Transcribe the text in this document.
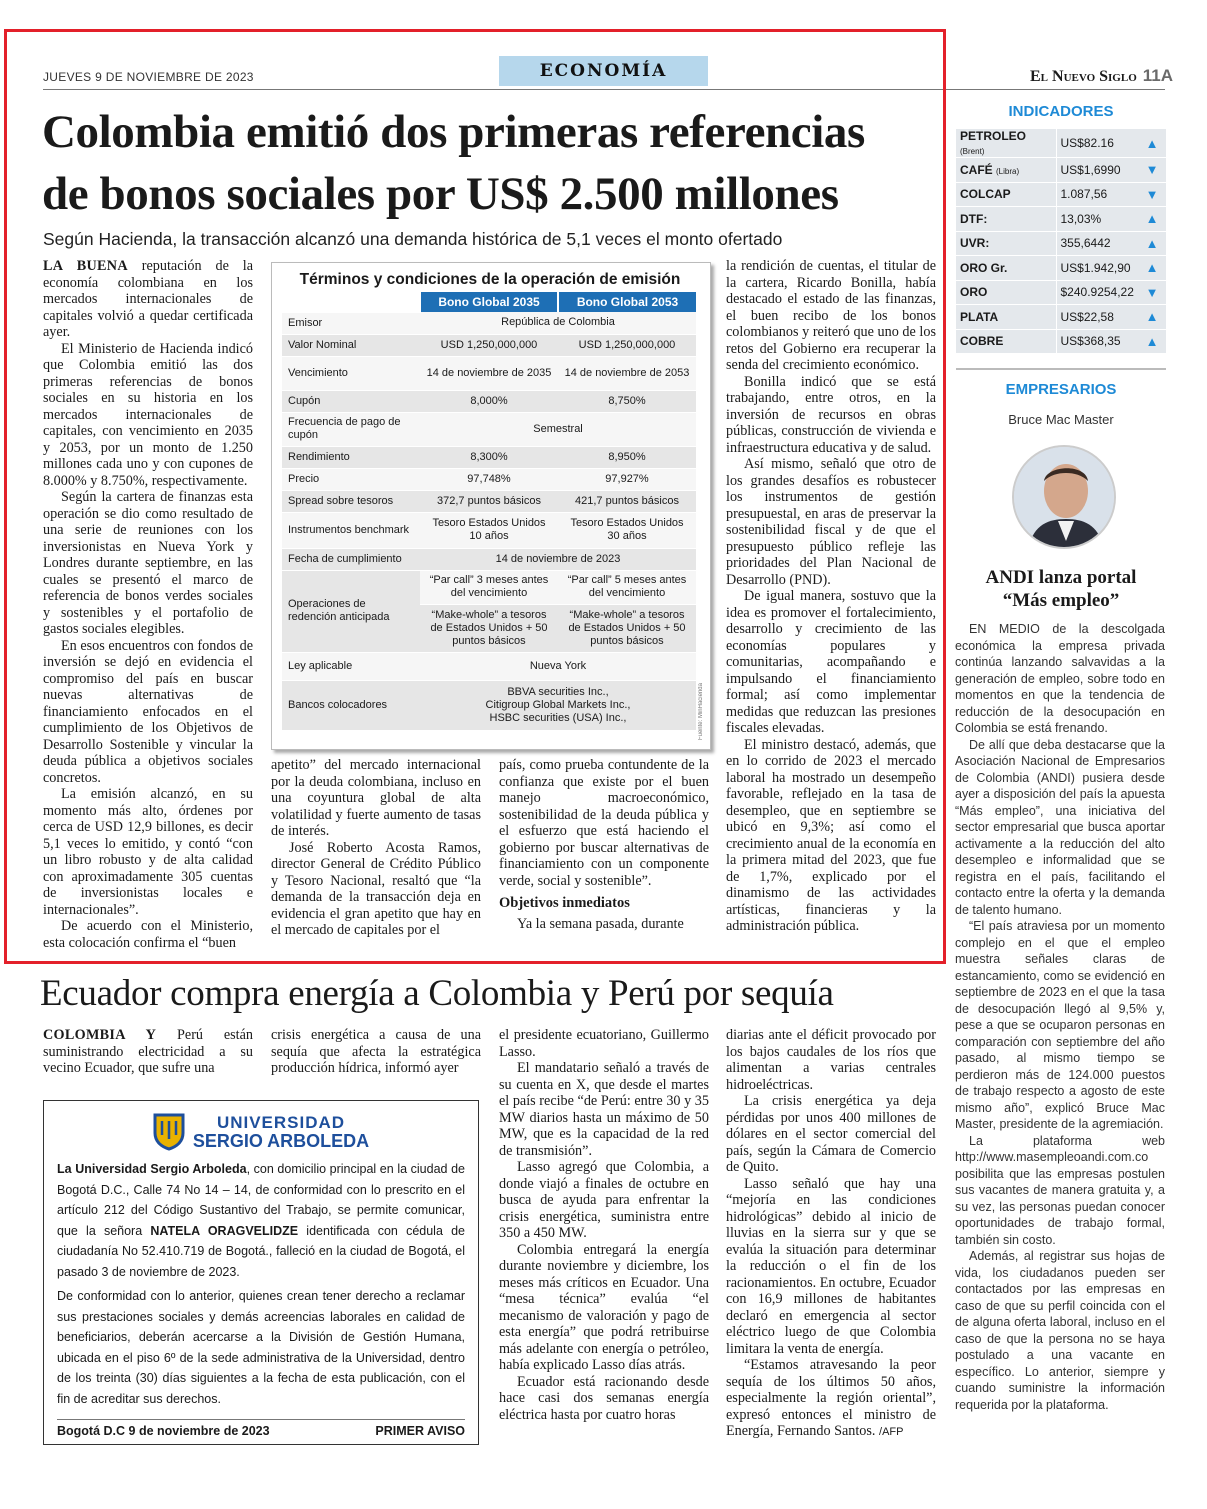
JUEVES 9 DE NOVIEMBRE DE 2023	ECONOMÍA	El Nuevo Siglo 11A
Colombia emitió dos primeras referencias
de bonos sociales por US$ 2.500 millones
Según Hacienda, la transacción alcanzó una demanda histórica de 5,1 veces el monto ofertado

LA BUENA reputación de la economía colombiana en los mercados internacionales de capitales volvió a quedar certificada ayer.

El Ministerio de Hacienda indicó que Colombia emitió las dos primeras referencias de bonos sociales en su historia en los mercados internacionales de capitales, con vencimiento en 2035 y 2053, por un monto de 1.250 millones cada uno y con cupones de 8.000% y 8.750%, respectivamente.

Según la cartera de finanzas esta operación se dio como resultado de una serie de reuniones con los inversionistas en Nueva York y Londres durante septiembre, en las cuales se presentó el marco de referencia de bonos verdes sociales y sostenibles y el portafolio de gastos sociales elegibles.

En esos encuentros con fondos de inversión se dejó en evidencia el compromiso del país en buscar nuevas alternativas de financiamiento enfocados en el cumplimiento de los Objetivos de Desarrollo Sostenible y vincular la deuda pública a objetivos sociales concretos.

La emisión alcanzó, en su momento más alto, órdenes por cerca de USD 12,9 billones, es decir 5,1 veces lo emitido, y contó “con un libro robusto y de alta calidad con aproximadamente 305 cuentas de inversionistas locales e internacionales”.

De acuerdo con el Ministerio, esta colocación confirma el “buen

Términos y condiciones de la operación de emisión
	Bono Global 2035	Bono Global 2053
Emisor	República de Colombia	
Valor Nominal	USD 1,250,000,000	USD 1,250,000,000
Vencimiento	14 de noviembre de 2035	14 de noviembre de 2053
Cupón	8,000%	8,750%
Frecuencia de pago de cupón	Semestral	
Rendimiento	8,300%	8,950%
Precio	97,748%	97,927%
Spread sobre tesoros	372,7 puntos básicos	421,7 puntos básicos
Instrumentos benchmark	Tesoro Estados Unidos 10 años	Tesoro Estados Unidos 30 años
Fecha de cumplimiento	14 de noviembre de 2023	
Operaciones de redención anticipada	“Par call” 3 meses antes del vencimiento	“Par call” 5 meses antes del vencimiento
	“Make-whole” a tesoros de Estados Unidos + 50 puntos básicos	“Make-whole” a tesoros de Estados Unidos + 50 puntos básicos
Ley aplicable	Nueva York	
Bancos colocadores	BBVA securities Inc.,
Citigroup Global Markets Inc.,
HSBC securities (USA) Inc.,		Fuente: MinHacienda

apetito” del mercado internacional por la deuda colombiana, incluso en una coyuntura global de alta volatilidad y fuerte aumento de tasas de interés.

José Roberto Acosta Ramos, director General de Crédito Público y Tesoro Nacional, resaltó que “la demanda de la transacción deja en evidencia el gran apetito que hay en el mercado de capitales por el

país, como prueba contundente de la confianza que existe por el buen manejo macroeconómico, sostenibilidad de la deuda pública y el esfuerzo que está haciendo el gobierno por buscar alternativas de financiamiento con un componente verde, social y sostenible”.

Objetivos inmediatos

Ya la semana pasada, durante

la rendición de cuentas, el titular de la cartera, Ricardo Bonilla, había destacado el estado de las finanzas, el buen recibo de los bonos colombianos y reiteró que uno de los retos del Gobierno era recuperar la senda del crecimiento económico.

Bonilla indicó que se está trabajando, entre otros, en la inversión de recursos en obras públicas, construcción de vivienda e infraestructura educativa y de salud.

Así mismo, señaló que otro de los grandes desafíos es robustecer los instrumentos de gestión presupuestal, en aras de preservar la sostenibilidad fiscal y de que el presupuesto público refleje las prioridades del Plan Nacional de Desarrollo (PND).

De igual manera, sostuvo que la idea es promover el fortalecimiento, desarrollo y crecimiento de las economías populares y comunitarias, acompañando e impulsando el financiamiento formal; así como implementar medidas que reduzcan las presiones fiscales elevadas.

El ministro destacó, además, que en lo corrido de 2023 el mercado laboral ha mostrado un desempeño favorable, reflejado en la tasa de desempleo, que en septiembre se ubicó en 9,3%; así como el crecimiento anual de la economía en la primera mitad del 2023, que fue de 1,7%, explicado por el dinamismo de las actividades artísticas, financieras y la administración pública.

Ecuador compra energía a Colombia y Perú por sequía

COLOMBIA Y Perú están suministrando electricidad a su vecino Ecuador, que sufre una

crisis energética a causa de una sequía que afecta la estratégica producción hídrica, informó ayer

el presidente ecuatoriano, Guillermo Lasso.

El mandatario señaló a través de su cuenta en X, que desde el martes el país recibe “de Perú: entre 30 y 35 MW diarios hasta un máximo de 50 MW, que es la capacidad de la red de transmisión”.

Lasso agregó que Colombia, a donde viajó a finales de octubre en busca de ayuda para enfrentar la crisis energética, suministra entre 350 a 450 MW.

Colombia entregará la energía durante noviembre y diciembre, los meses más críticos en Ecuador. Una “mesa técnica” evalúa “el mecanismo de valoración y pago de esta energía” que podrá retribuirse más adelante con energía o petróleo, había explicado Lasso días atrás.

Ecuador está racionando desde hace casi dos semanas energía eléctrica hasta por cuatro horas

diarias ante el déficit provocado por los bajos caudales de los ríos que alimentan a varias centrales hidroeléctricas.

La crisis energética ya deja pérdidas por unos 400 millones de dólares en el sector comercial del país, según la Cámara de Comercio de Quito.

Lasso señaló que hay una “mejoría en las condiciones hidrológicas” debido al inicio de lluvias en la sierra sur y que se evalúa la situación para determinar la reducción o el fin de los racionamientos. En octubre, Ecuador con 16,9 millones de habitantes declaró en emergencia al sector eléctrico luego de que Colombia limitara la venta de energía.

“Estamos atravesando la peor sequía de los últimos 50 años, especialmente la región oriental”, expresó entonces el ministro de Energía, Fernando Santos. /AFP

UNIVERSIDAD
SERGIO ARBOLEDA

La Universidad Sergio Arboleda, con domicilio principal en la ciudad de Bogotá D.C., Calle 74 No 14 – 14, de conformidad con lo prescrito en el artículo 212 del Código Sustantivo del Trabajo, se permite comunicar, que la señora NATELA ORAGVELIDZE identificada con cédula de ciudadanía No 52.410.719 de Bogotá., falleció en la ciudad de Bogotá, el pasado 3 de noviembre de 2023.

De conformidad con lo anterior, quienes crean tener derecho a reclamar sus prestaciones sociales y demás acreencias laborales en calidad de beneficiarios, deberán acercarse a la División de Gestión Humana, ubicada en el piso 6º de la sede administrativa de la Universidad, dentro de los treinta (30) días siguientes a la fecha de esta publicación, con el fin de acreditar sus derechos.

Bogotá D.C 9 de noviembre de 2023	PRIMER AVISO
INDICADORES
PETROLEO (Brent)	US$82.16	▲
CAFÉ (Libra)	US$1,6990	▼
COLCAP	1.087,56	▼
DTF:	13,03%	▲
UVR:	355,6442	▲
ORO Gr.	US$1.942,90	▲
ORO	$240.9254,22	▼
PLATA	US$22,58	▲
COBRE	US$368,35	▲
EMPRESARIOS
Bruce Mac Master
ANDI lanza portal
“Más empleo”

EN MEDIO de la descolgada económica la empresa privada continúa lanzando salvavidas a la generación de empleo, sobre todo en momentos en que la tendencia de reducción de la desocupación en Colombia se está frenando.

De allí que deba destacarse que la Asociación Nacional de Empresarios de Colombia (ANDI) pusiera desde ayer a disposición del país la apuesta “Más empleo”, una iniciativa del sector empresarial que busca aportar activamente a la reducción del alto desempleo e informalidad que se registra en el país, facilitando el contacto entre la oferta y la demanda de talento humano.

“El país atraviesa por un momento complejo en el que el empleo muestra señales claras de estancamiento, como se evidenció en septiembre de 2023 en el que la tasa de desocupación llegó al 9,5% y, pese a que se ocuparon personas en comparación con septiembre del año pasado, al mismo tiempo se perdieron más de 124.000 puestos de trabajo respecto a agosto de este mismo año”, explicó Bruce Mac Master, presidente de la agremiación.

La plataforma web http://www.masempleoandi.com.co posibilita que las empresas postulen sus vacantes de manera gratuita y, a su vez, las personas puedan conocer oportunidades de trabajo formal, también sin costo.

Además, al registrar sus hojas de vida, los ciudadanos pueden ser contactados por las empresas en caso de que su perfil coincida con el de alguna oferta laboral, incluso en el caso de que la persona no se haya postulado a una vacante en específico. Lo anterior, siempre y cuando suministre la información requerida por la plataforma.
